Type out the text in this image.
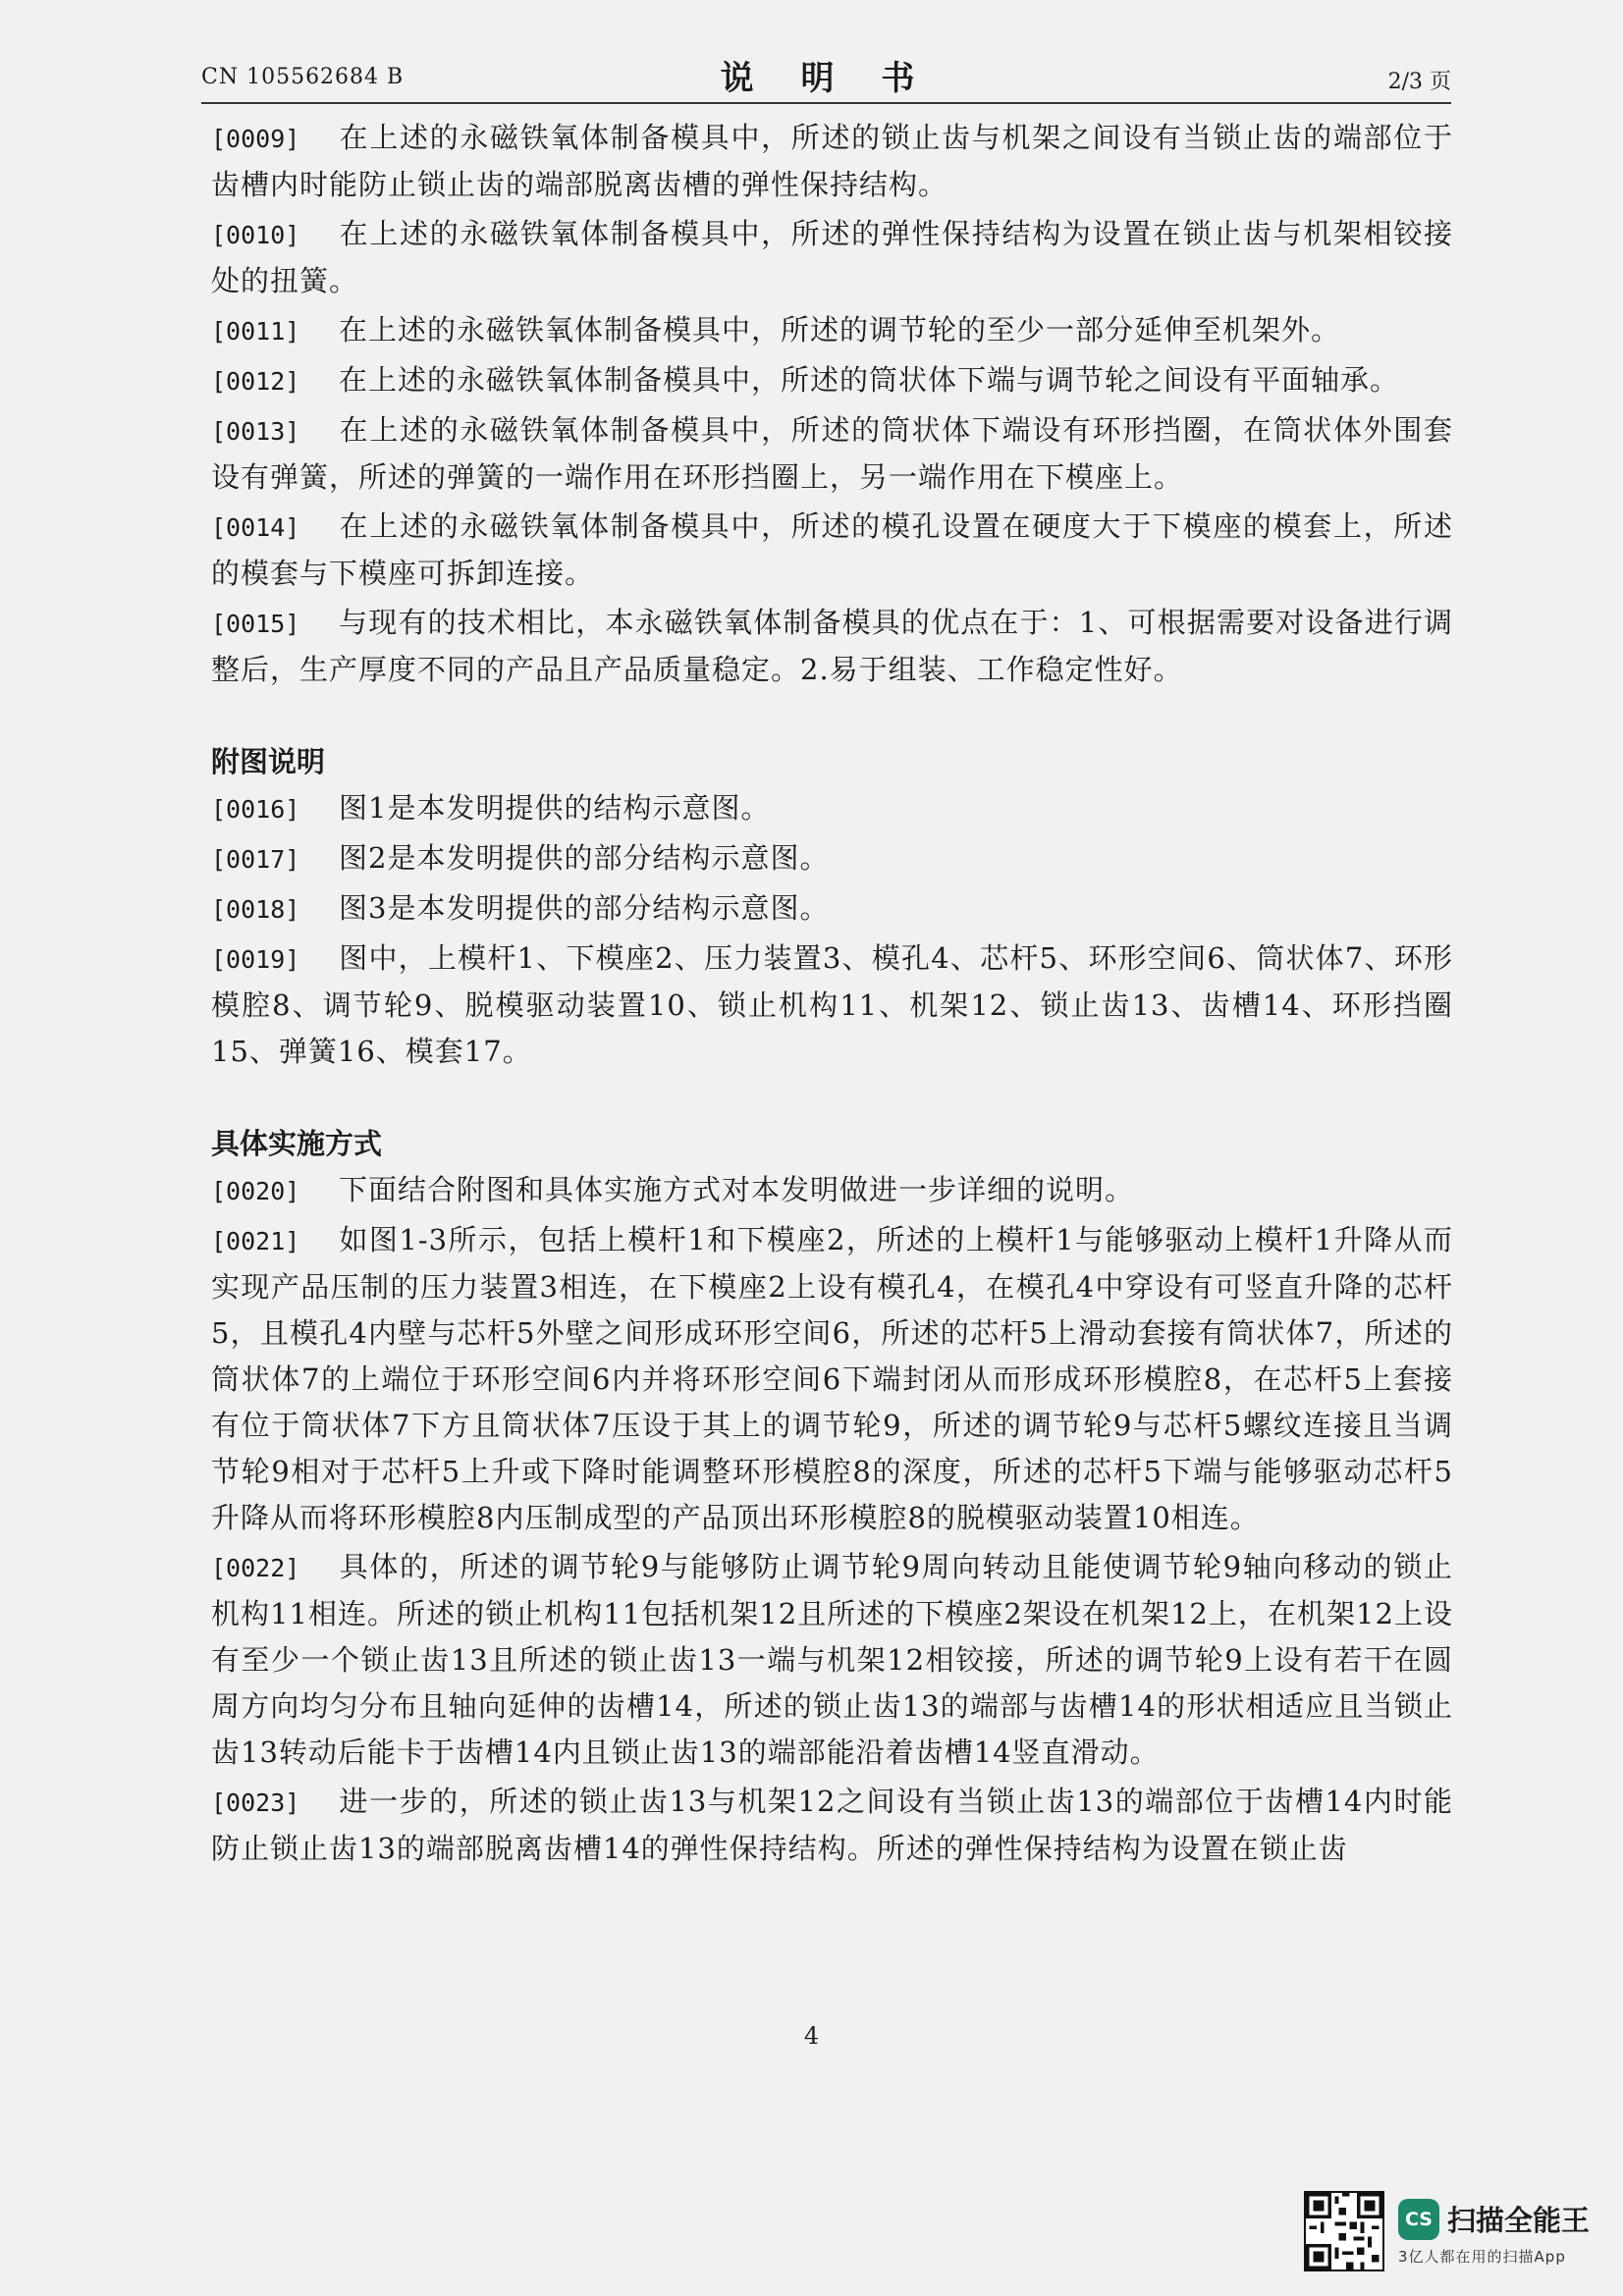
CN 105562684 B	说 明 书	2/3 页

[0009] 在上述的永磁铁氧体制备模具中，所述的锁止齿与机架之间设有当锁止齿的端部位于齿槽内时能防止锁止齿的端部脱离齿槽的弹性保持结构。

[0010] 在上述的永磁铁氧体制备模具中，所述的弹性保持结构为设置在锁止齿与机架相铰接处的扭簧。

[0011] 在上述的永磁铁氧体制备模具中，所述的调节轮的至少一部分延伸至机架外。

[0012] 在上述的永磁铁氧体制备模具中，所述的筒状体下端与调节轮之间设有平面轴承。

[0013] 在上述的永磁铁氧体制备模具中，所述的筒状体下端设有环形挡圈，在筒状体外围套设有弹簧，所述的弹簧的一端作用在环形挡圈上，另一端作用在下模座上。

[0014] 在上述的永磁铁氧体制备模具中，所述的模孔设置在硬度大于下模座的模套上，所述的模套与下模座可拆卸连接。

[0015] 与现有的技术相比，本永磁铁氧体制备模具的优点在于：1、可根据需要对设备进行调整后，生产厚度不同的产品且产品质量稳定。2.易于组装、工作稳定性好。

附图说明

[0016] 图1是本发明提供的结构示意图。

[0017] 图2是本发明提供的部分结构示意图。

[0018] 图3是本发明提供的部分结构示意图。

[0019] 图中，上模杆1、下模座2、压力装置3、模孔4、芯杆5、环形空间6、筒状体7、环形模腔8、调节轮9、脱模驱动装置10、锁止机构11、机架12、锁止齿13、齿槽14、环形挡圈15、弹簧16、模套17。

具体实施方式

[0020] 下面结合附图和具体实施方式对本发明做进一步详细的说明。

[0021] 如图1-3所示，包括上模杆1和下模座2，所述的上模杆1与能够驱动上模杆1升降从而实现产品压制的压力装置3相连，在下模座2上设有模孔4，在模孔4中穿设有可竖直升降的芯杆5，且模孔4内壁与芯杆5外壁之间形成环形空间6，所述的芯杆5上滑动套接有筒状体7，所述的筒状体7的上端位于环形空间6内并将环形空间6下端封闭从而形成环形模腔8，在芯杆5上套接有位于筒状体7下方且筒状体7压设于其上的调节轮9，所述的调节轮9与芯杆5螺纹连接且当调节轮9相对于芯杆5上升或下降时能调整环形模腔8的深度，所述的芯杆5下端与能够驱动芯杆5升降从而将环形模腔8内压制成型的产品顶出环形模腔8的脱模驱动装置10相连。

[0022] 具体的，所述的调节轮9与能够防止调节轮9周向转动且能使调节轮9轴向移动的锁止机构11相连。所述的锁止机构11包括机架12且所述的下模座2架设在机架12上，在机架12上设有至少一个锁止齿13且所述的锁止齿13一端与机架12相铰接，所述的调节轮9上设有若干在圆周方向均匀分布且轴向延伸的齿槽14，所述的锁止齿13的端部与齿槽14的形状相适应且当锁止齿13转动后能卡于齿槽14内且锁止齿13的端部能沿着齿槽14竖直滑动。

[0023] 进一步的，所述的锁止齿13与机架12之间设有当锁止齿13的端部位于齿槽14内时能防止锁止齿13的端部脱离齿槽14的弹性保持结构。所述的弹性保持结构为设置在锁止齿

4
CS 扫描全能王
3亿人都在用的扫描App
